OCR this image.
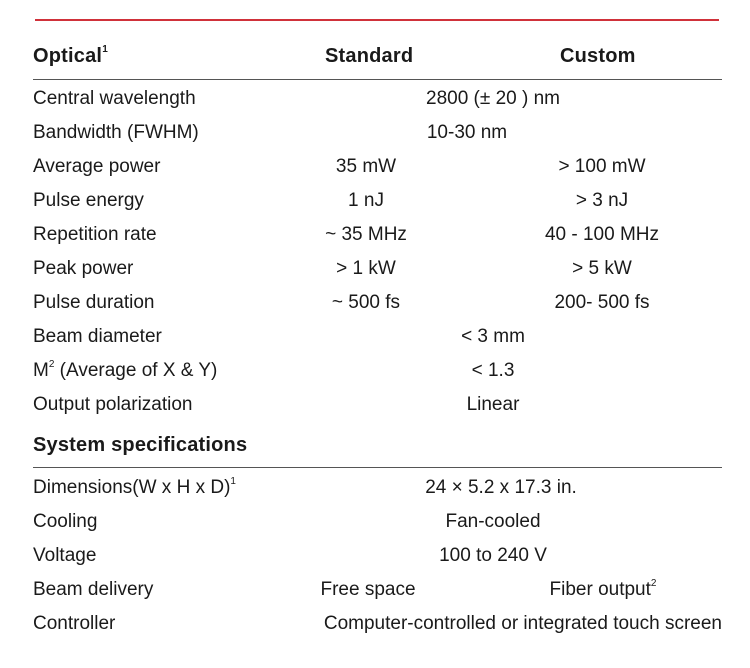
Optical$^1$	Standard	Custom
Central wavelength	2800 (± 20 ) nm
Bandwidth (FWHM)	10-30 nm
Average power	35 mW	> 100 mW
Pulse energy	1 nJ	> 3 nJ
Repetition rate	~ 35 MHz	40 - 100 MHz
Peak power	> 1 kW	> 5 kW
Pulse duration	~ 500 fs	200- 500 fs
Beam diameter	< 3 mm
$M^2$ (Average of X & Y)	< 1.3
Output polarization	Linear
System specifications
Dimensions(W x H x D)$^1$	24 × 5.2 x 17.3 in.
Cooling	Fan-cooled
Voltage	100 to 240 V
Beam delivery	Free space	Fiber output$^2$
Controller	Computer-controlled or integrated touch screen
